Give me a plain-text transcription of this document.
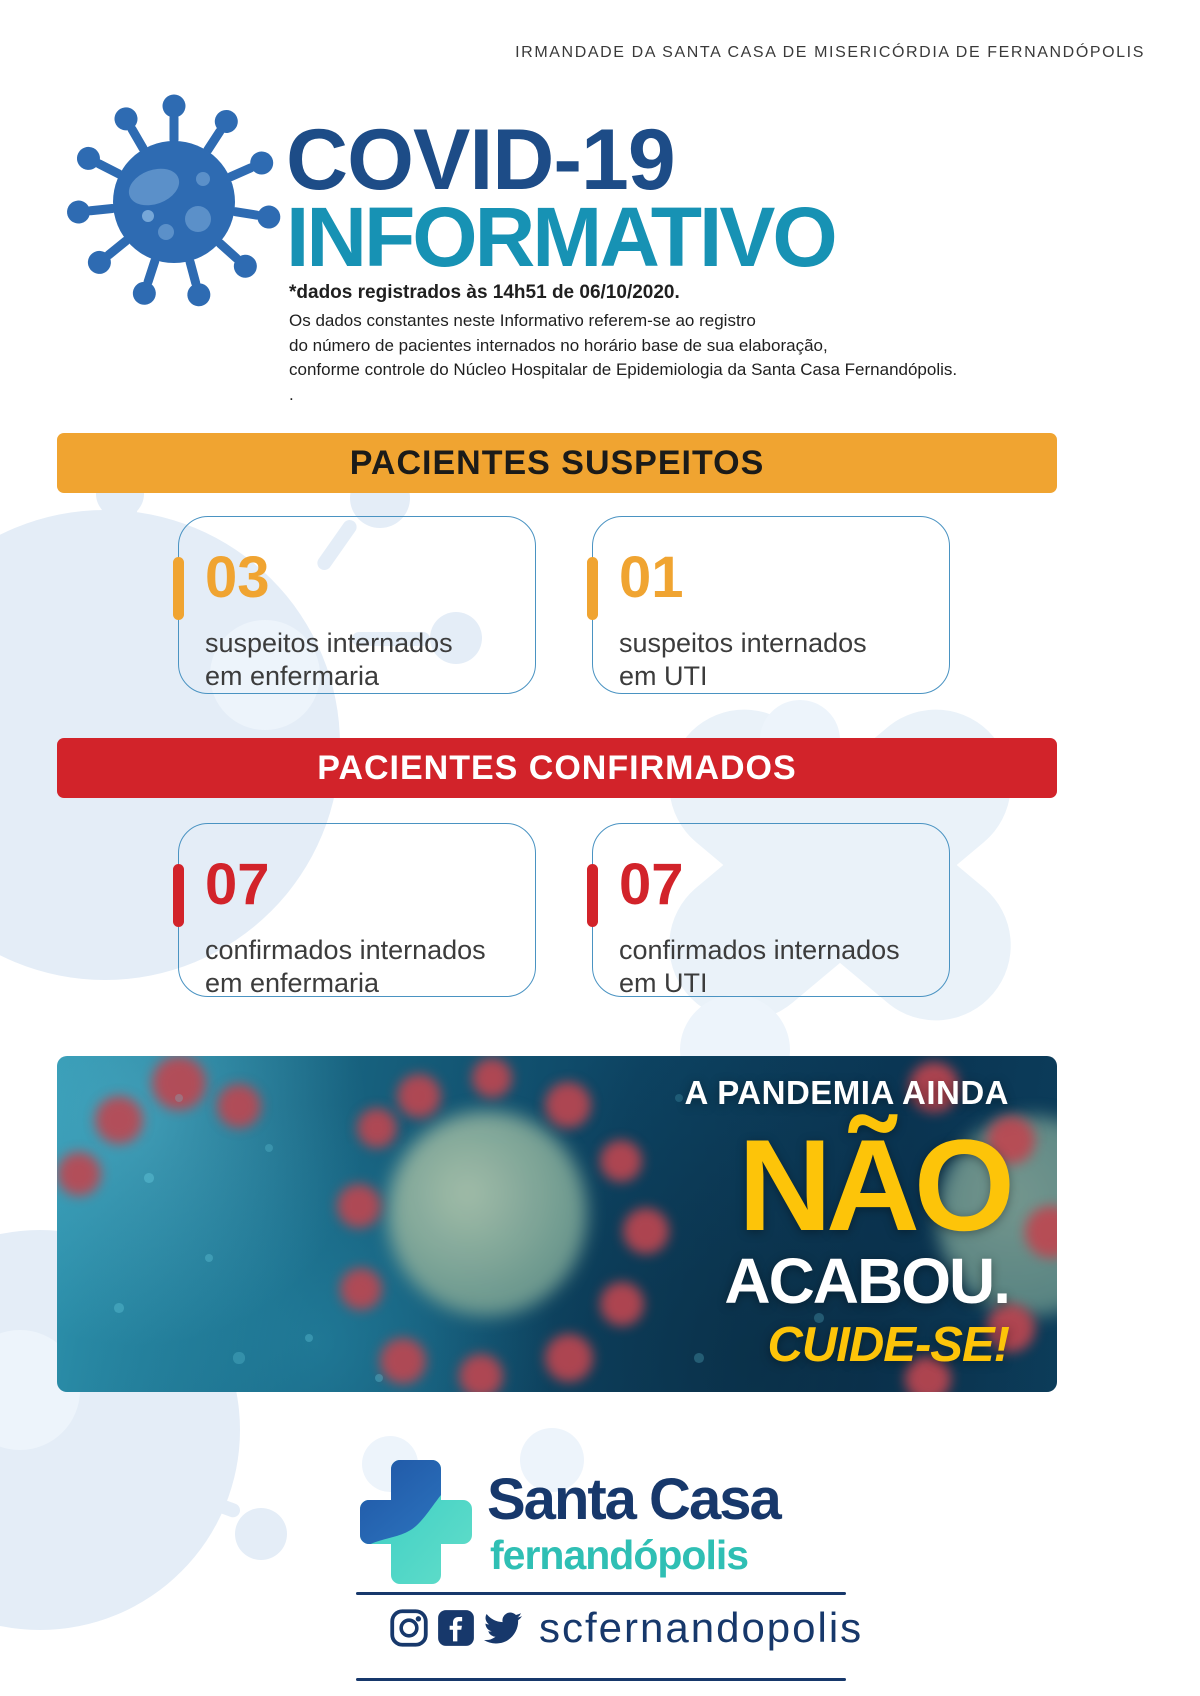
IRMANDADE DA SANTA CASA DE MISERICÓRDIA DE FERNANDÓPOLIS
COVID-19
INFORMATIVO
*dados registrados às 14h51 de 06/10/2020.
Os dados constantes neste Informativo referem-se ao registro
do número de pacientes internados no horário base de sua elaboração,
conforme controle do Núcleo Hospitalar de Epidemiologia da Santa Casa Fernandópolis.
.
PACIENTES SUSPEITOS
03
suspeitos internados
em enfermaria
01
suspeitos internados
em UTI
PACIENTES CONFIRMADOS
07
confirmados internados
em enfermaria
07
confirmados internados
em UTI
A PANDEMIA AINDA
NÃO
ACABOU.
CUIDE-SE!
Santa Casa
fernandópolis
scfernandopolis
